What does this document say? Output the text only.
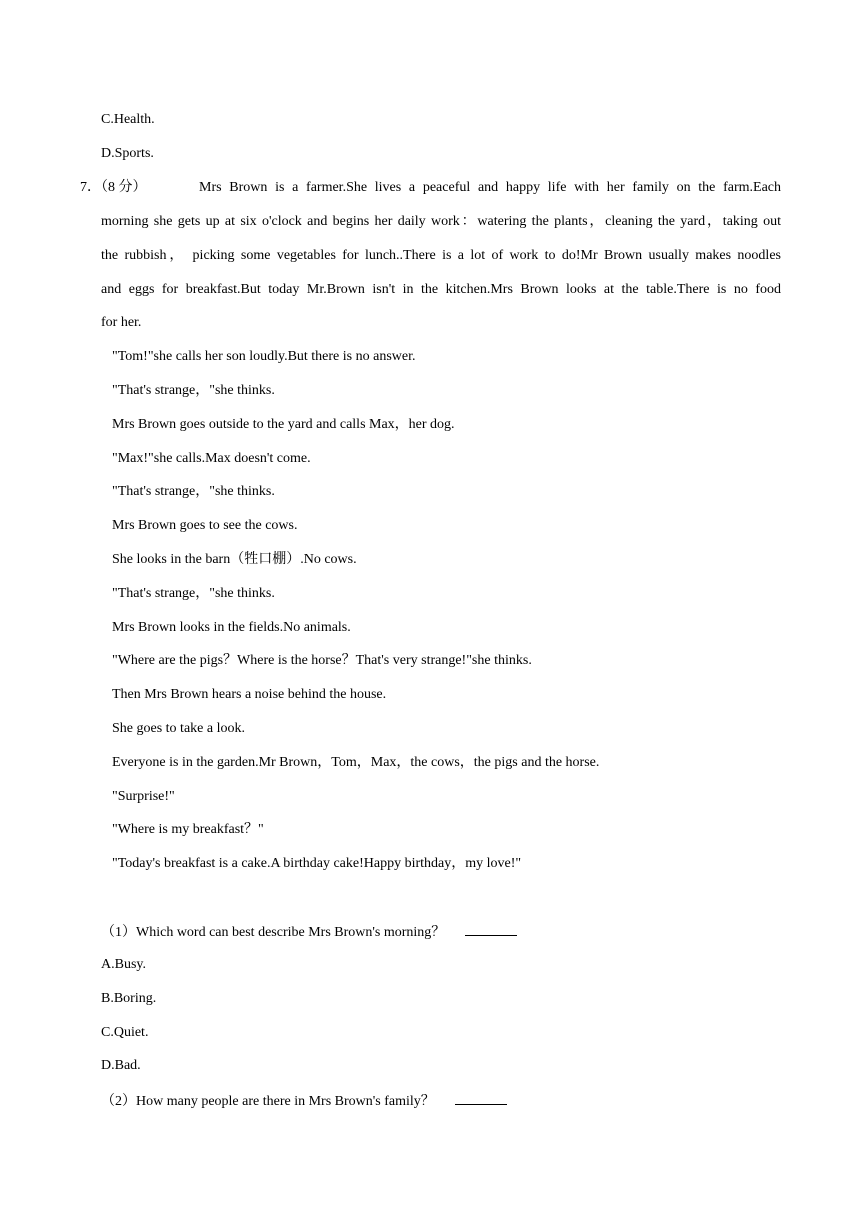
C.Health.
D.Sports.
7．（8 分）	Mrs Brown is a farmer.She lives a peaceful and happy life with her family on the farm.Each
morning she gets up at six o'clock and begins her daily work：watering the plants，cleaning the yard，taking out
the rubbish， picking some vegetables for lunch..There is a lot of work to do!Mr Brown usually makes noodles
and eggs for breakfast.But today Mr.Brown isn't in the kitchen.Mrs Brown looks at the table.There is no food
for her.
"Tom!"she calls her son loudly.But there is no answer.
"That's strange，"she thinks.
Mrs Brown goes outside to the yard and calls Max，her dog.
"Max!"she calls.Max doesn't come.
"That's strange，"she thinks.
Mrs Brown goes to see the cows.
She looks in the barn（牲口棚）.No cows.
"That's strange，"she thinks.
Mrs Brown looks in the fields.No animals.
"Where are the pigs？Where is the horse？That's very strange!"she thinks.
Then Mrs Brown hears a noise behind the house.
She goes to take a look.
Everyone is in the garden.Mr Brown，Tom，Max，the cows，the pigs and the horse.
"Surprise!"
"Where is my breakfast？"
"Today's breakfast is a cake.A birthday cake!Happy birthday，my love!"
（1）Which word can best describe Mrs Brown's morning？
A.Busy.
B.Boring.
C.Quiet.
D.Bad.
（2）How many people are there in Mrs Brown's family？
